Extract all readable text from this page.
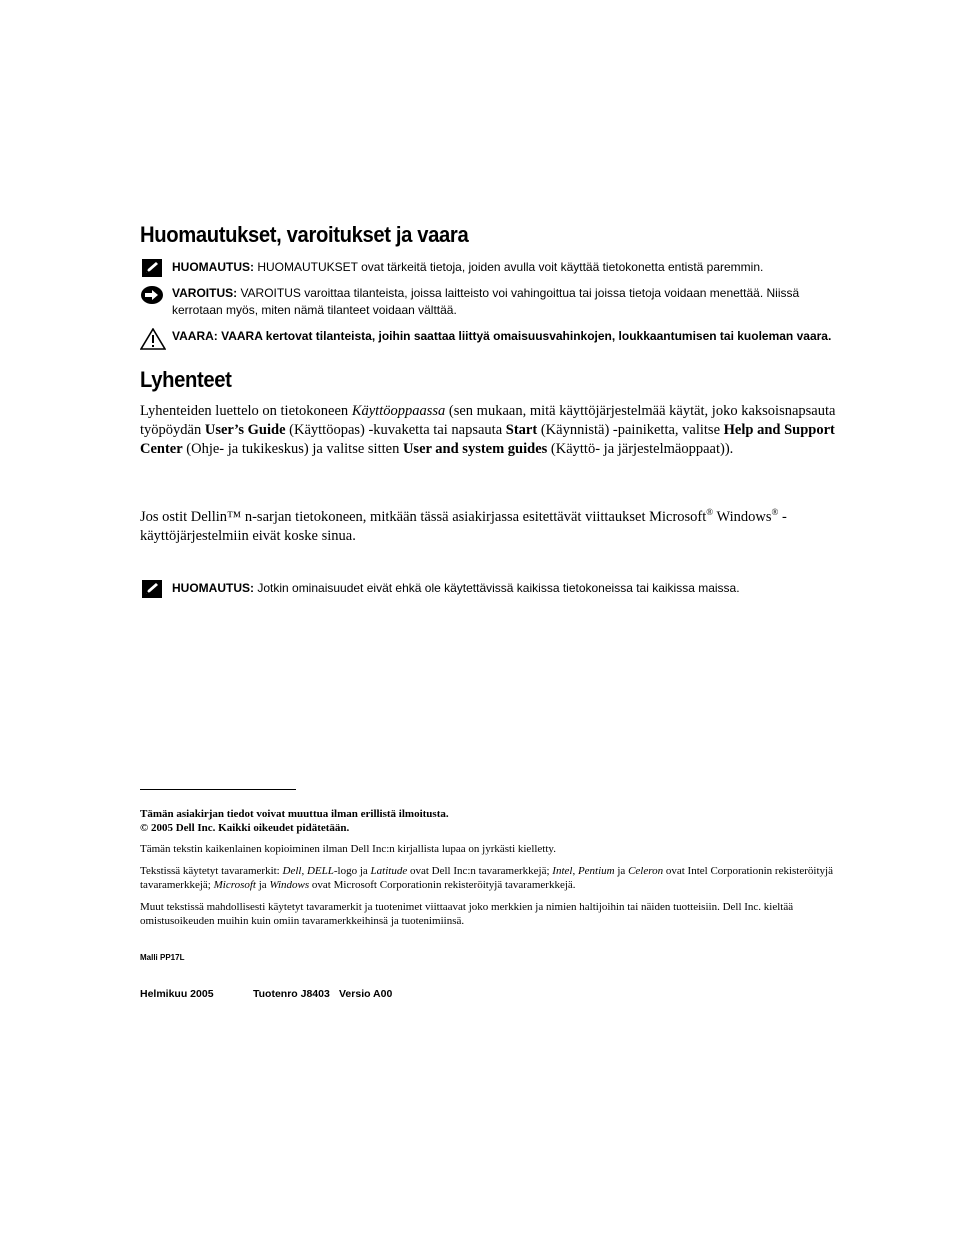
Huomautukset, varoitukset ja vaara
HUOMAUTUS: HUOMAUTUKSET ovat tärkeitä tietoja, joiden avulla voit käyttää tietokonetta entistä paremmin.
VAROITUS: VAROITUS varoittaa tilanteista, joissa laitteisto voi vahingoittua tai joissa tietoja voidaan menettää. Niissä kerrotaan myös, miten nämä tilanteet voidaan välttää.
VAARA: VAARA kertovat tilanteista, joihin saattaa liittyä omaisuusvahinkojen, loukkaantumisen tai kuoleman vaara.
Lyhenteet
Lyhenteiden luettelo on tietokoneen Käyttöoppaassa (sen mukaan, mitä käyttöjärjestelmää käytät, joko kaksoisnapsauta työpöydän User’s Guide (Käyttöopas) -kuvaketta tai napsauta Start (Käynnistä) -painiketta, valitse Help and Support Center (Ohje- ja tukikeskus) ja valitse sitten User and system guides (Käyttö- ja järjestelmäoppaat)).
Jos ostit Dellin™ n-sarjan tietokoneen, mitkään tässä asiakirjassa esitettävät viittaukset Microsoft® Windows® -käyttöjärjestelmiin eivät koske sinua.
HUOMAUTUS: Jotkin ominaisuudet eivät ehkä ole käytettävissä kaikissa tietokoneissa tai kaikissa maissa.
Tämän asiakirjan tiedot voivat muuttua ilman erillistä ilmoitusta.
© 2005 Dell Inc. Kaikki oikeudet pidätetään.
Tämän tekstin kaikenlainen kopioiminen ilman Dell Inc:n kirjallista lupaa on jyrkästi kielletty.
Tekstissä käytetyt tavaramerkit: Dell, DELL-logo ja Latitude ovat Dell Inc:n tavaramerkkejä; Intel, Pentium ja Celeron ovat Intel Corporationin rekisteröityjä tavaramerkkejä; Microsoft ja Windows ovat Microsoft Corporationin rekisteröityjä tavaramerkkejä.
Muut tekstissä mahdollisesti käytetyt tavaramerkit ja tuotenimet viittaavat joko merkkien ja nimien haltijoihin tai näiden tuotteisiin. Dell Inc. kieltää omistusoikeuden muihin kuin omiin tavaramerkkeihinsä ja tuotenimiinsä.
Malli PP17L
Helmikuu 2005	Tuotenro J8403 Versio A00
